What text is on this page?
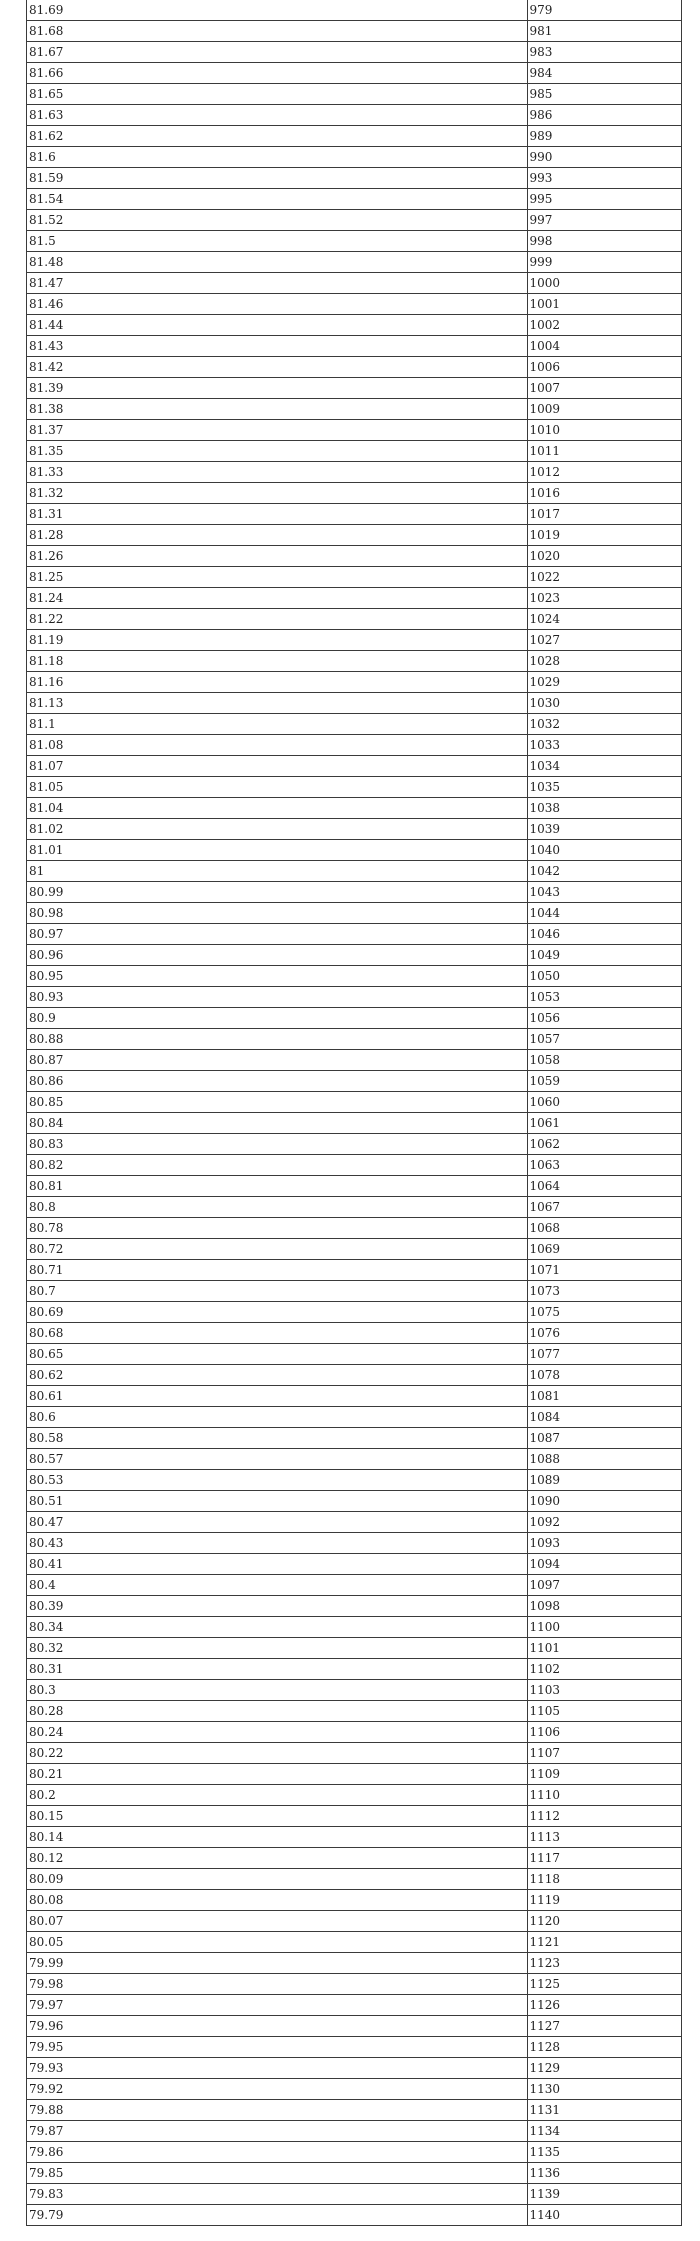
81.69	979
81.68	981
81.67	983
81.66	984
81.65	985
81.63	986
81.62	989
81.6	990
81.59	993
81.54	995
81.52	997
81.5	998
81.48	999
81.47	1000
81.46	1001
81.44	1002
81.43	1004
81.42	1006
81.39	1007
81.38	1009
81.37	1010
81.35	1011
81.33	1012
81.32	1016
81.31	1017
81.28	1019
81.26	1020
81.25	1022
81.24	1023
81.22	1024
81.19	1027
81.18	1028
81.16	1029
81.13	1030
81.1	1032
81.08	1033
81.07	1034
81.05	1035
81.04	1038
81.02	1039
81.01	1040
81	1042
80.99	1043
80.98	1044
80.97	1046
80.96	1049
80.95	1050
80.93	1053
80.9	1056
80.88	1057
80.87	1058
80.86	1059
80.85	1060
80.84	1061
80.83	1062
80.82	1063
80.81	1064
80.8	1067
80.78	1068
80.72	1069
80.71	1071
80.7	1073
80.69	1075
80.68	1076
80.65	1077
80.62	1078
80.61	1081
80.6	1084
80.58	1087
80.57	1088
80.53	1089
80.51	1090
80.47	1092
80.43	1093
80.41	1094
80.4	1097
80.39	1098
80.34	1100
80.32	1101
80.31	1102
80.3	1103
80.28	1105
80.24	1106
80.22	1107
80.21	1109
80.2	1110
80.15	1112
80.14	1113
80.12	1117
80.09	1118
80.08	1119
80.07	1120
80.05	1121
79.99	1123
79.98	1125
79.97	1126
79.96	1127
79.95	1128
79.93	1129
79.92	1130
79.88	1131
79.87	1134
79.86	1135
79.85	1136
79.83	1139
79.79	1140
